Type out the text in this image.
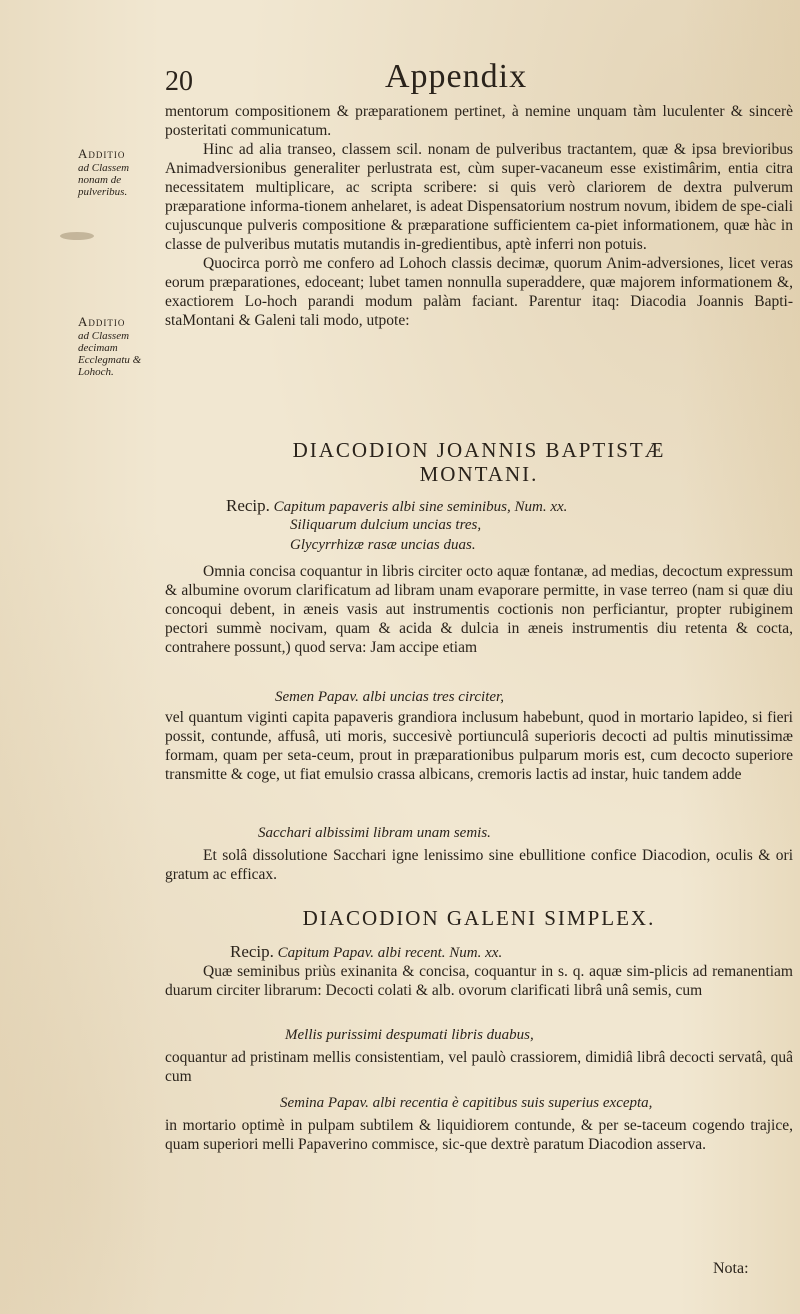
20	Appendix
Additio
ad Classem nonam de pulveribus.
Additio
ad Classem decimam Ecclegmatu & Lohoch.

mentorum compositionem & præparationem pertinet, à nemine unquam tàm luculenter & sincerè posteritati communicatum.

Hinc ad alia transeo, classem scil. nonam de pulveribus tractantem, quæ & ipsa brevioribus Animadversionibus generaliter perlustrata est, cùm super-vacaneum esse existimârim, entia citra necessitatem multiplicare, ac scripta scribere: si quis verò clariorem de dextra pulverum præparatione informa-tionem anhelaret, is adeat Dispensatorium nostrum novum, ibidem de spe-ciali cujuscunque pulveris compositione & præparatione sufficientem ca-piet informationem, quæ hàc in classe de pulveribus mutatis mutandis in-gredientibus, aptè inferri non potuis.

Quocirca porrò me confero ad Lohoch classis decimæ, quorum Anim-adversiones, licet veras eorum præparationes, edoceant; lubet tamen nonnulla superaddere, quæ majorem informationem &, exactiorem Lo-hoch parandi modum palàm faciant. Parentur itaq: Diacodia Joannis Bapti-staMontani & Galeni tali modo, utpote:

DIACODION JOANNIS BAPTISTÆ
MONTANI.
Recip. Capitum papaveris albi sine seminibus, Num. xx.
Siliquarum dulcium uncias tres,
Glycyrrhizæ rasæ uncias duas.

Omnia concisa coquantur in libris circiter octo aquæ fontanæ, ad medias, decoctum expressum & albumine ovorum clarificatum ad libram unam evaporare permitte, in vase terreo (nam si quæ diu concoqui debent, in æneis vasis aut instrumentis coctionis non perficiantur, propter rubiginem pectori summè nocivam, quam & acida & dulcia in æneis instrumentis diu retenta & cocta, contrahere possunt,) quod serva: Jam accipe etiam

Semen Papav. albi uncias tres circiter,

vel quantum viginti capita papaveris grandiora inclusum habebunt, quod in mortario lapideo, si fieri possit, contunde, affusâ, uti moris, succesivè portiunculâ superioris decocti ad pultis minutissimæ formam, quam per seta-ceum, prout in præparationibus pulparum moris est, cum decocto superiore transmitte & coge, ut fiat emulsio crassa albicans, cremoris lactis ad instar, huic tandem adde

Sacchari albissimi libram unam semis.

Et solâ dissolutione Sacchari igne lenissimo sine ebullitione confice Diacodion, oculis & ori gratum ac efficax.

DIACODION GALENI SIMPLEX.
Recip. Capitum Papav. albi recent. Num. xx.

Quæ seminibus priùs exinanita & concisa, coquantur in s. q. aquæ sim-plicis ad remanentiam duarum circiter librarum: Decocti colati & alb. ovorum clarificati librâ unâ semis, cum

Mellis purissimi despumati libris duabus,

coquantur ad pristinam mellis consistentiam, vel paulò crassiorem, dimidiâ librâ decocti servatâ, quâ cum

Semina Papav. albi recentia è capitibus suis superius excepta,

in mortario optimè in pulpam subtilem & liquidiorem contunde, & per se-taceum cogendo trajice, quam superiori melli Papaverino commisce, sic-que dextrè paratum Diacodion asserva.

Nota:
